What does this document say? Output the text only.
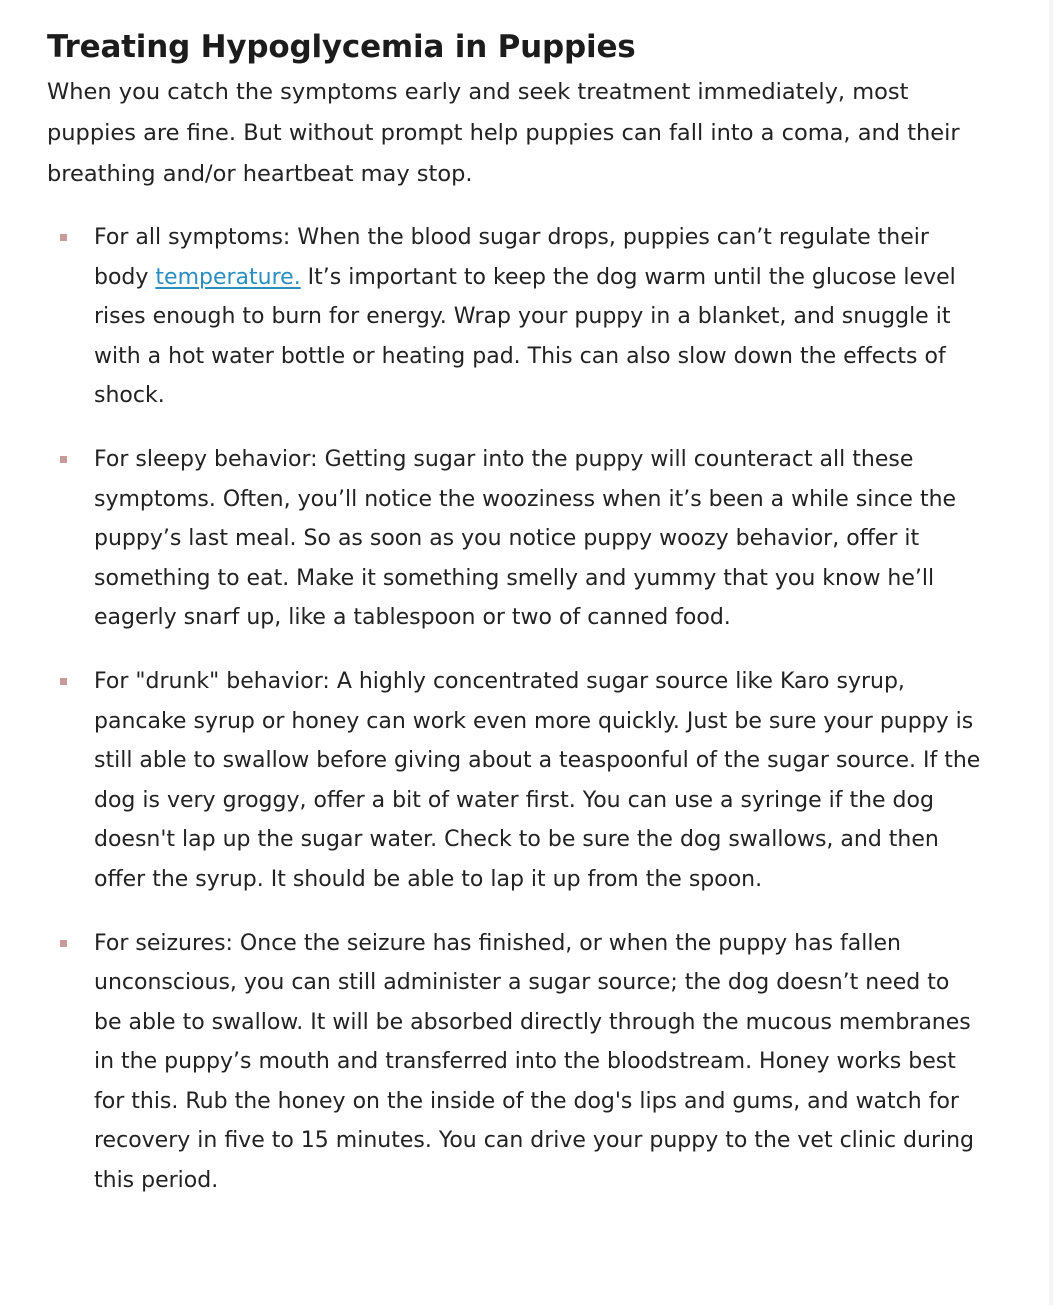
Treating Hypoglycemia in Puppies

When you catch the symptoms early and seek treatment immediately, most puppies are fine. But without prompt help puppies can fall into a coma, and their breathing and/or heartbeat may stop.

For all symptoms: When the blood sugar drops, puppies can’t regulate their body temperature. It’s important to keep the dog warm until the glucose level rises enough to burn for energy. Wrap your puppy in a blanket, and snuggle it with a hot water bottle or heating pad. This can also slow down the effects of shock.
For sleepy behavior: Getting sugar into the puppy will counteract all these symptoms. Often, you’ll notice the wooziness when it’s been a while since the puppy’s last meal. So as soon as you notice puppy woozy behavior, offer it something to eat. Make it something smelly and yummy that you know he’ll eagerly snarf up, like a tablespoon or two of canned food.
For "drunk" behavior: A highly concentrated sugar source like Karo syrup, pancake syrup or honey can work even more quickly. Just be sure your puppy is still able to swallow before giving about a teaspoonful of the sugar source. If the dog is very groggy, offer a bit of water first. You can use a syringe if the dog doesn't lap up the sugar water. Check to be sure the dog swallows, and then offer the syrup. It should be able to lap it up from the spoon.
For seizures: Once the seizure has finished, or when the puppy has fallen unconscious, you can still administer a sugar source; the dog doesn’t need to be able to swallow. It will be absorbed directly through the mucous membranes in the puppy’s mouth and transferred into the bloodstream. Honey works best for this. Rub the honey on the inside of the dog's lips and gums, and watch for recovery in five to 15 minutes. You can drive your puppy to the vet clinic during this period.
